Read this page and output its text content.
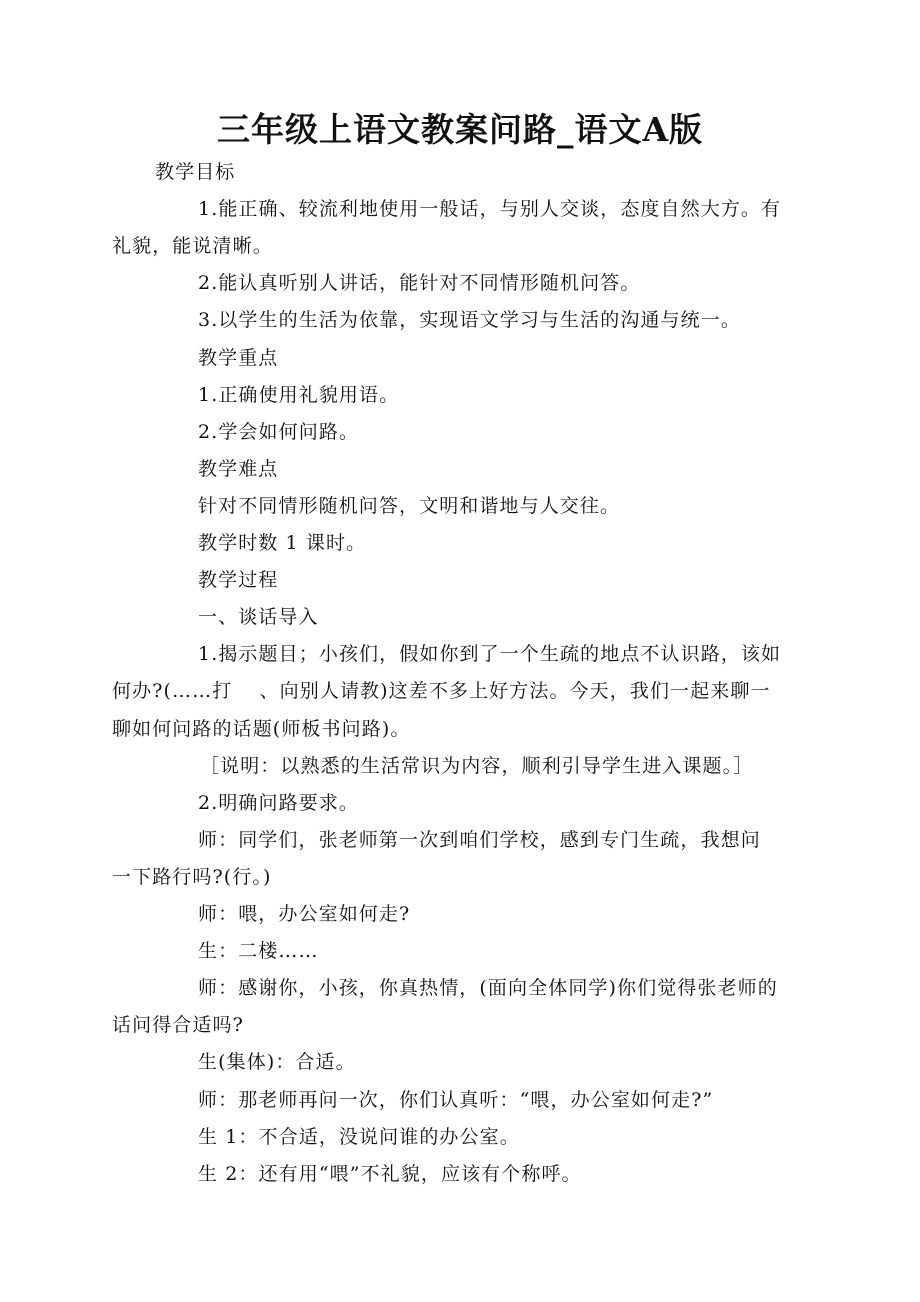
三年级上语文教案问路_语文A版
教学目标
1.能正确、较流利地使用一般话，与别人交谈，态度自然大方。有
礼貌，能说清晰。
2.能认真听别人讲话，能针对不同情形随机问答。
3.以学生的生活为依靠，实现语文学习与生活的沟通与统一。
教学重点
1.正确使用礼貌用语。
2.学会如何问路。
教学难点
针对不同情形随机问答，文明和谐地与人交往。
教学时数 1 课时。
教学过程
一、谈话导入
1.揭示题目；小孩们，假如你到了一个生疏的地点不认识路，该如
何办?(……打　 、向别人请教)这差不多上好方法。今天，我们一起来聊一
聊如何问路的话题(师板书问路)。
［说明：以熟悉的生活常识为内容，顺利引导学生进入课题。］
2.明确问路要求。
师：同学们，张老师第一次到咱们学校，感到专门生疏，我想问
一下路行吗?(行。)
师：喂，办公室如何走?
生：二楼……
师：感谢你，小孩，你真热情，(面向全体同学)你们觉得张老师的
话问得合适吗?
生(集体)：合适。
师：那老师再问一次，你们认真听：“喂，办公室如何走?”
生 1：不合适，没说问谁的办公室。
生 2：还有用“喂”不礼貌，应该有个称呼。
